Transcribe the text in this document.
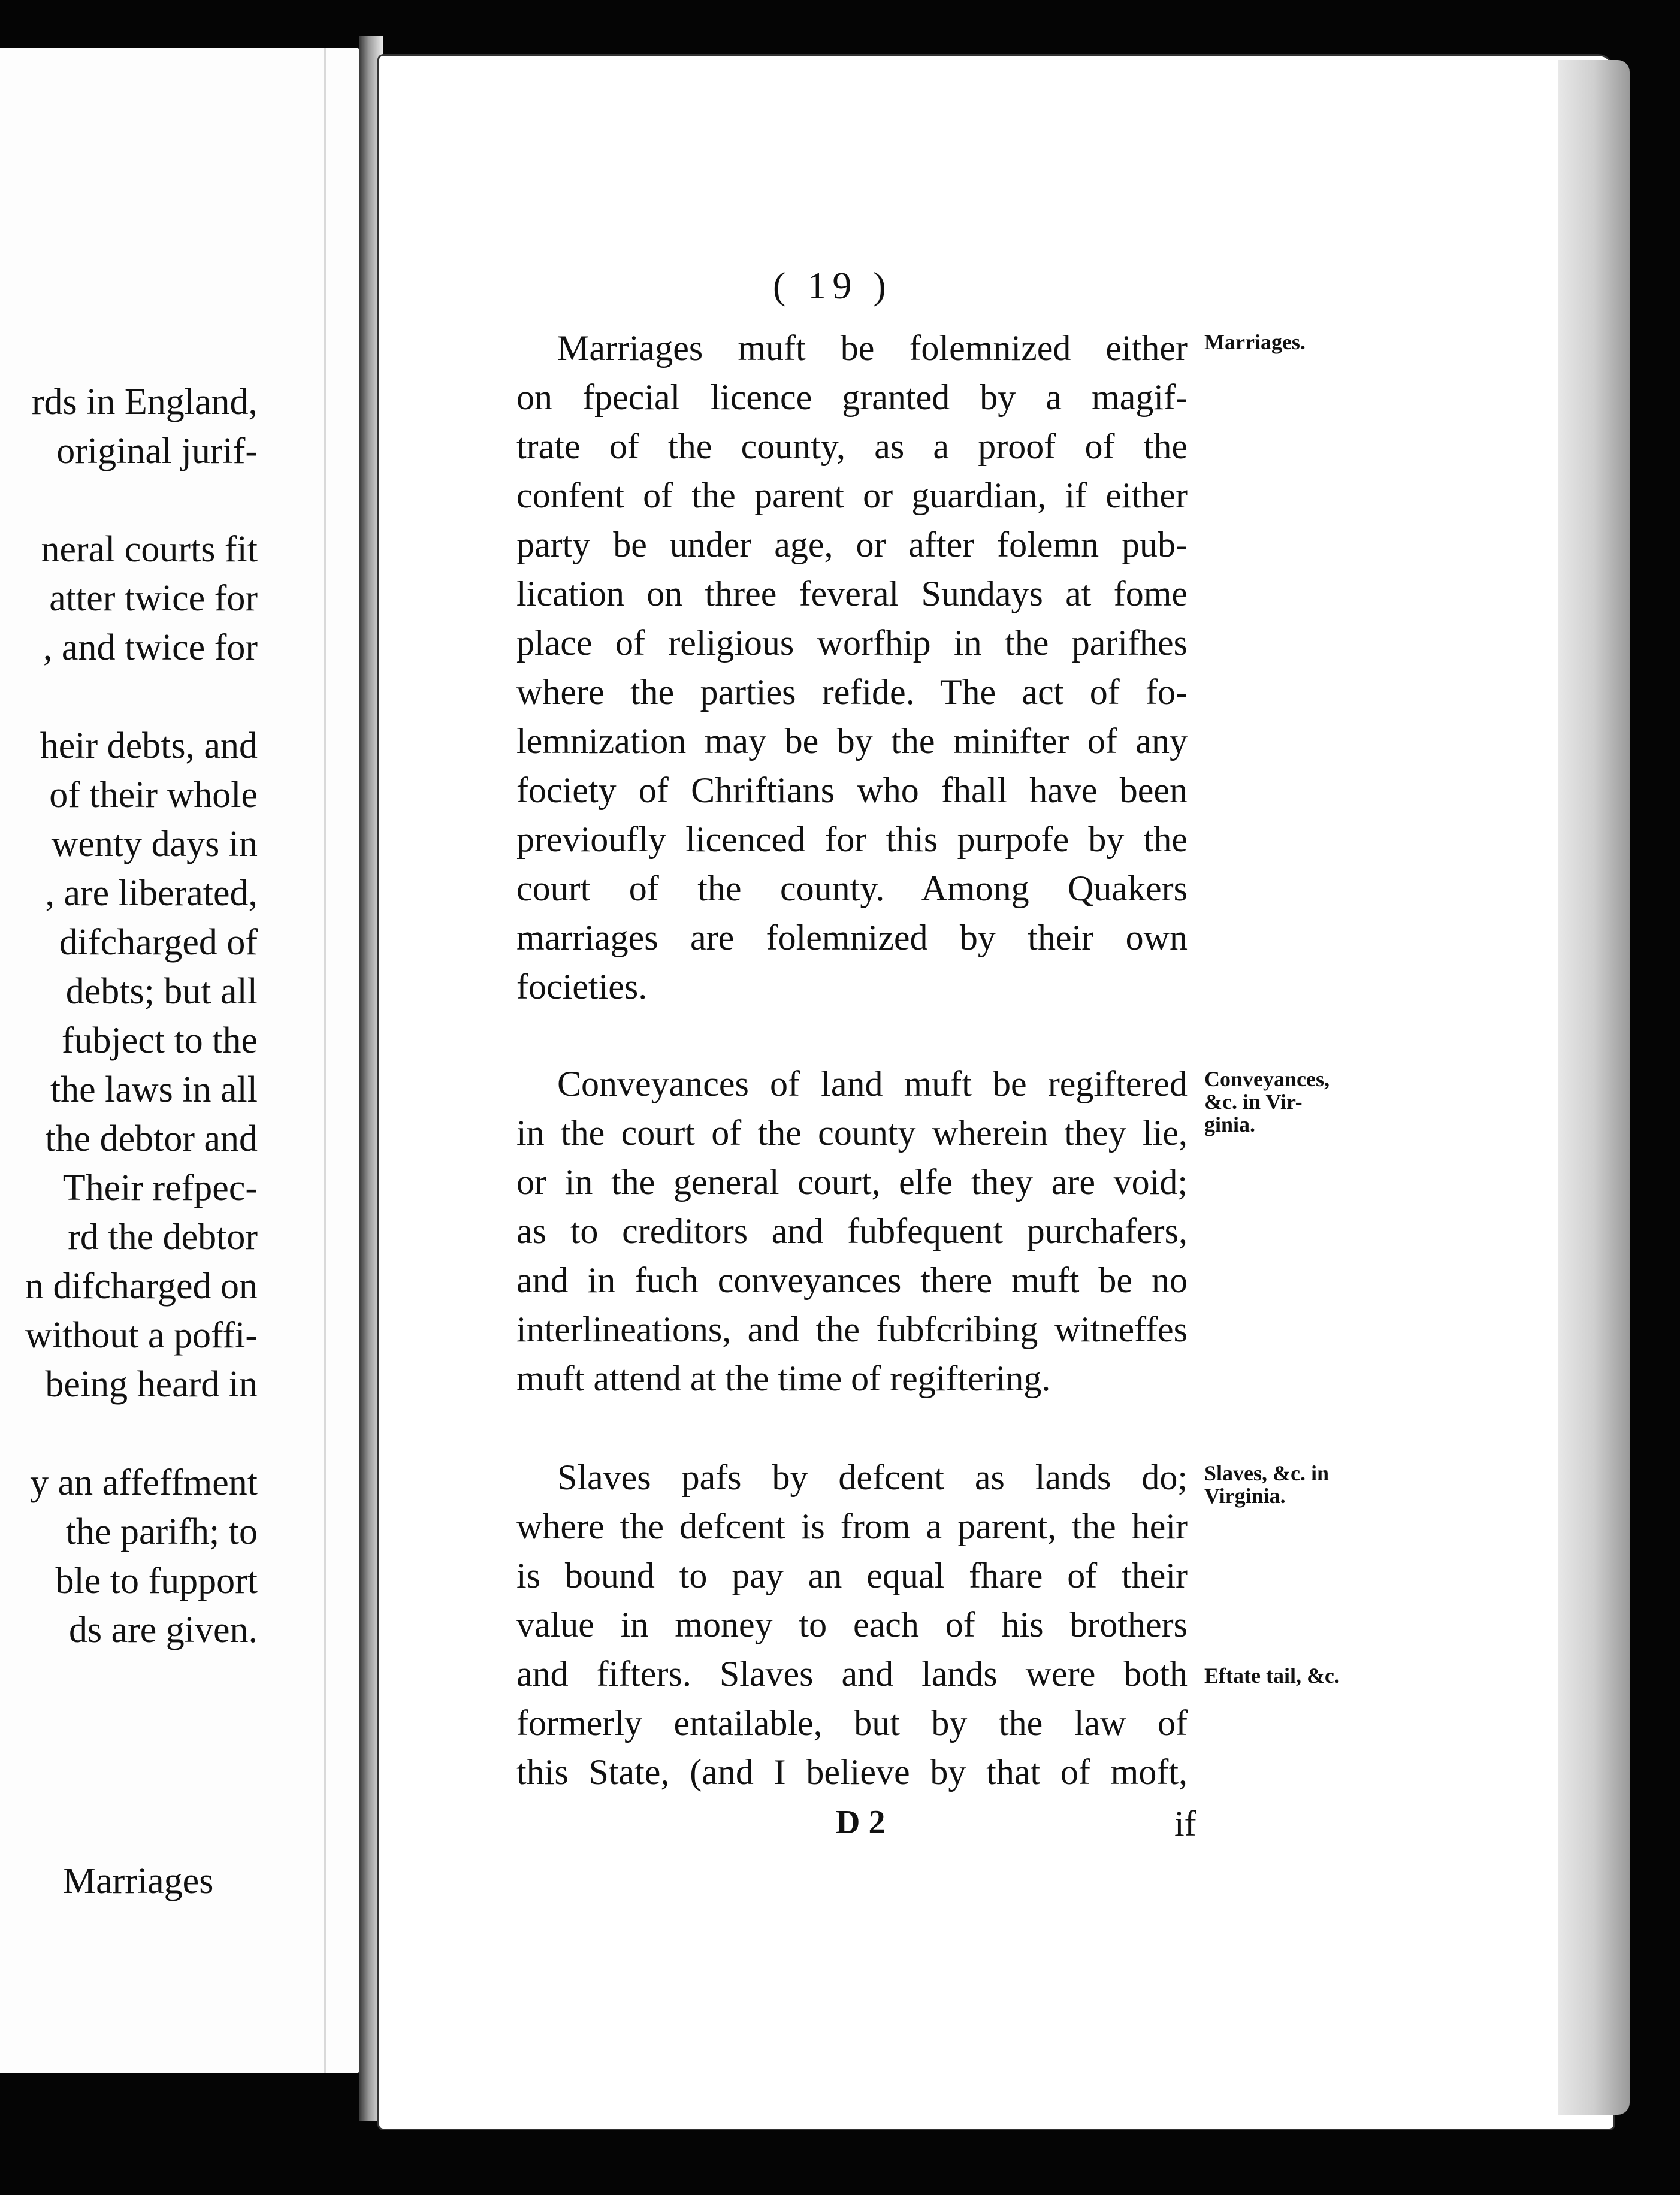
rds in England,
original jurif-
neral courts fit
atter twice for
, and twice for
heir debts, and
of their whole
wenty days in
, are liberated,
difcharged of
debts; but all
fubject to the
the laws in all
the debtor and
Their refpec-
rd the debtor
n difcharged on
without a poffi-
being heard in
y an affeffment
the parifh; to
ble to fupport
ds are given.
Marriages
( 19 )
Marriages muft be folemnized either
on fpecial licence granted by a magif-
trate of the county, as a proof of the
confent of the parent or guardian, if either
party be under age, or after folemn pub-
lication on three feveral Sundays at fome
place of religious worfhip in the parifhes
where the parties refide. The act of fo-
lemnization may be by the minifter of any
fociety of Chriftians who fhall have been
previoufly licenced for this purpofe by the
court of the county. Among Quakers
marriages are folemnized by their own
focieties.
Conveyances of land muft be regiftered
in the court of the county wherein they lie,
or in the general court, elfe they are void;
as to creditors and fubfequent purchafers,
and in fuch conveyances there muft be no
interlineations, and the fubfcribing witneffes
muft attend at the time of regiftering.
Slaves pafs by defcent as lands do;
where the defcent is from a parent, the heir
is bound to pay an equal fhare of their
value in money to each of his brothers
and fifters. Slaves and lands were both
formerly entailable, but by the law of
this State, (and I believe by that of moft,
Marriages.
Conveyances,
&c. in Vir-
ginia.
Slaves, &c. in
Virginia.
Eftate tail, &c.
D 2	if
